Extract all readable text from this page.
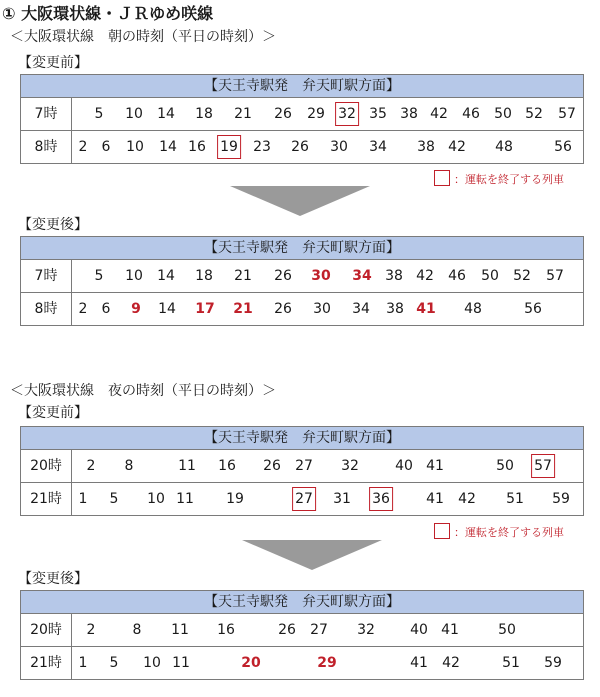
① 大阪環状線・ＪＲゆめ咲線
＜大阪環状線　朝の時刻（平日の時刻）＞
【変更前】
【天王寺駅発　弁天町駅方面】
7時	5 10 14 18 21 26 29 32 35 38 42 46 50 52 57
8時	2 6 10 14 16 19 23 26 30 34 38 42 48	56
：運転を終了する列車
【変更後】
【天王寺駅発　弁天町駅方面】
7時	5 10 14 18 21 26 30 34 38 42 46 50 52 57
8時	2 6 9 14 17 21 26 30 34 38 41 48	56
＜大阪環状線　夜の時刻（平日の時刻）＞
【変更前】
【天王寺駅発　弁天町駅方面】
20時	2 8	11 16 26 27 32	40 41	50 57
21時	1 5 10 11 19	27 31 36	41 42 51 59
：運転を終了する列車
【変更後】
【天王寺駅発　弁天町駅方面】
20時	2	8 11 16	26 27 32	40 41	50
21時	1 5 10 11	20	29	41 42	51 59
